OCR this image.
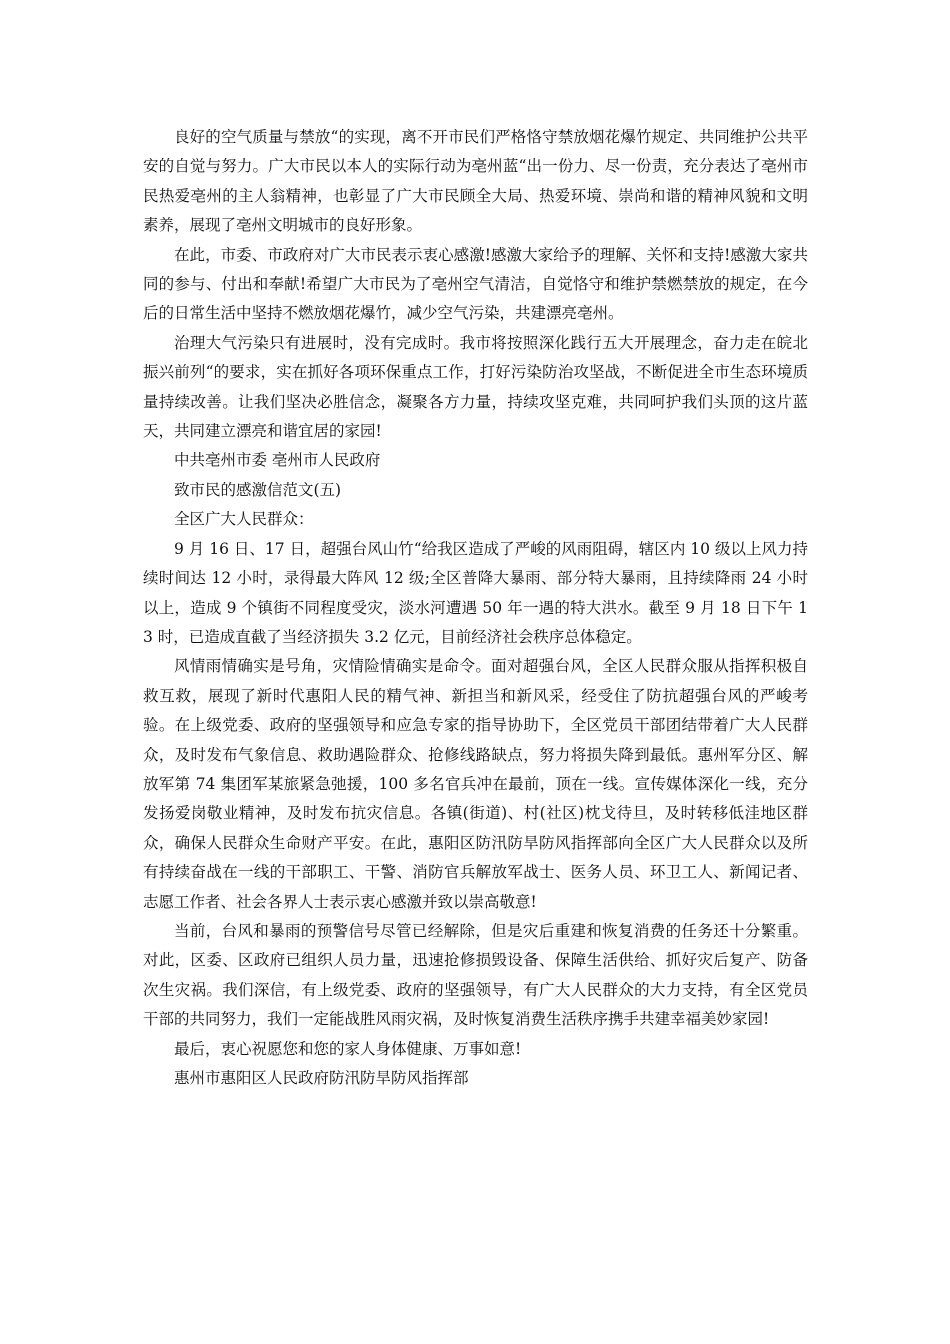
良好的空气质量与禁放“的实现，离不开市民们严格恪守禁放烟花爆竹规定、共同维护公共平安的自觉与努力。广大市民以本人的实际行动为亳州蓝“出一份力、尽一份责，充分表达了亳州市民热爱亳州的主人翁精神，也彰显了广大市民顾全大局、热爱环境、崇尚和谐的精神风貌和文明素养，展现了亳州文明城市的良好形象。

在此，市委、市政府对广大市民表示衷心感激!感激大家给予的理解、关怀和支持!感激大家共同的参与、付出和奉献!希望广大市民为了亳州空气清洁，自觉恪守和维护禁燃禁放的规定，在今后的日常生活中坚持不燃放烟花爆竹，减少空气污染，共建漂亮亳州。

治理大气污染只有进展时，没有完成时。我市将按照深化践行五大开展理念，奋力走在皖北振兴前列“的要求，实在抓好各项环保重点工作，打好污染防治攻坚战，不断促进全市生态环境质量持续改善。让我们坚决必胜信念，凝聚各方力量，持续攻坚克难，共同呵护我们头顶的这片蓝天，共同建立漂亮和谐宜居的家园!

中共亳州市委 亳州市人民政府

致市民的感激信范文(五)

全区广大人民群众：

9 月 16 日、17 日，超强台风山竹“给我区造成了严峻的风雨阻碍，辖区内 10 级以上风力持续时间达 12 小时，录得最大阵风 12 级;全区普降大暴雨、部分特大暴雨，且持续降雨 24 小时以上，造成 9 个镇街不同程度受灾，淡水河遭遇 50 年一遇的特大洪水。截至 9 月 18 日下午 13 时，已造成直截了当经济损失 3.2 亿元，目前经济社会秩序总体稳定。

风情雨情确实是号角，灾情险情确实是命令。面对超强台风，全区人民群众服从指挥积极自救互救，展现了新时代惠阳人民的精气神、新担当和新风采，经受住了防抗超强台风的严峻考验。在上级党委、政府的坚强领导和应急专家的指导协助下，全区党员干部团结带着广大人民群众，及时发布气象信息、救助遇险群众、抢修线路缺点，努力将损失降到最低。惠州军分区、解放军第 74 集团军某旅紧急弛援，100 多名官兵冲在最前，顶在一线。宣传媒体深化一线，充分发扬爱岗敬业精神，及时发布抗灾信息。各镇(街道)、村(社区)枕戈待旦，及时转移低洼地区群众，确保人民群众生命财产平安。在此，惠阳区防汛防旱防风指挥部向全区广大人民群众以及所有持续奋战在一线的干部职工、干警、消防官兵解放军战士、医务人员、环卫工人、新闻记者、志愿工作者、社会各界人士表示衷心感激并致以崇高敬意!

当前，台风和暴雨的预警信号尽管已经解除，但是灾后重建和恢复消费的任务还十分繁重。对此，区委、区政府已组织人员力量，迅速抢修损毁设备、保障生活供给、抓好灾后复产、防备次生灾祸。我们深信，有上级党委、政府的坚强领导，有广大人民群众的大力支持，有全区党员干部的共同努力，我们一定能战胜风雨灾祸，及时恢复消费生活秩序携手共建幸福美妙家园!

最后，衷心祝愿您和您的家人身体健康、万事如意!

惠州市惠阳区人民政府防汛防旱防风指挥部
